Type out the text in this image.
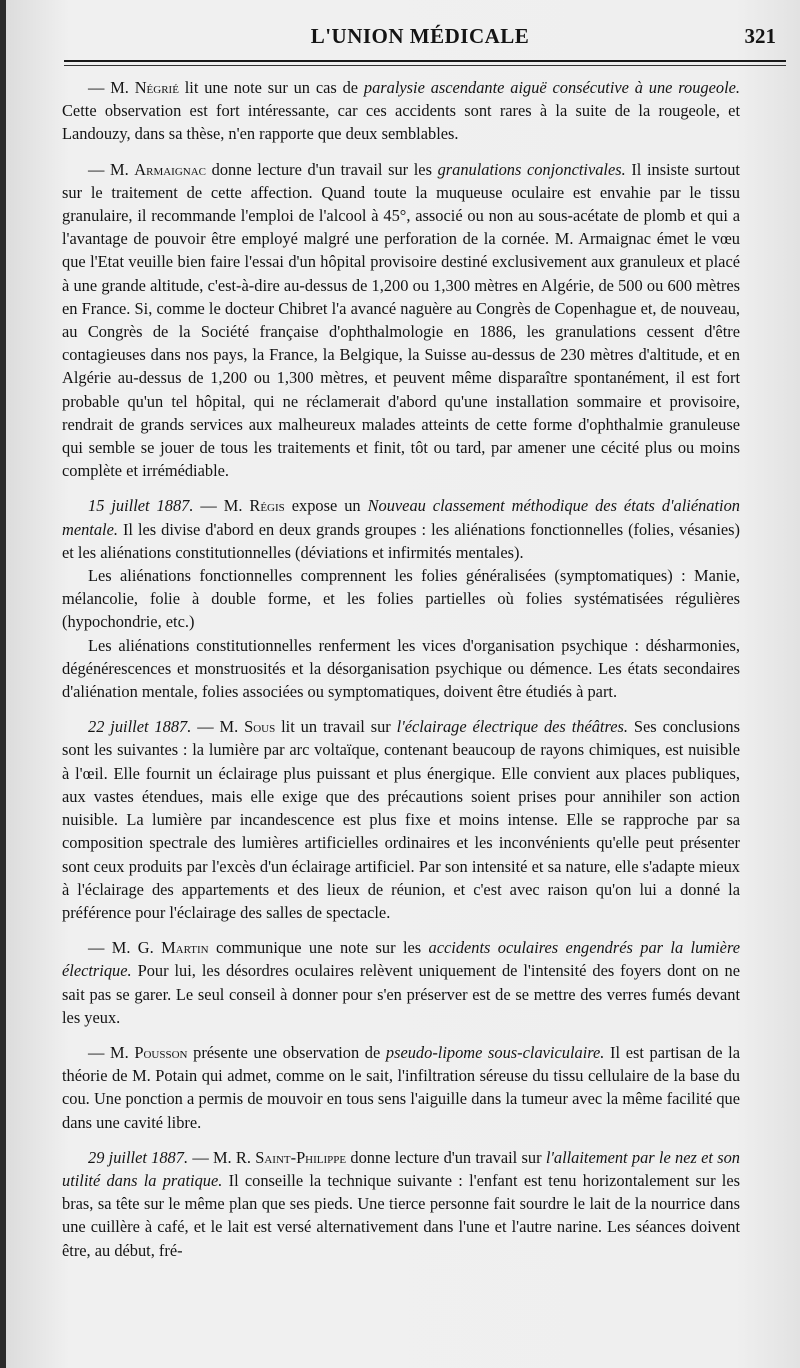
L'UNION MÉDICALE	321

— M. Négrié lit une note sur un cas de paralysie ascendante aiguë consécutive à une rougeole. Cette observation est fort intéressante, car ces accidents sont rares à la suite de la rougeole, et Landouzy, dans sa thèse, n'en rapporte que deux semblables.

— M. Armaignac donne lecture d'un travail sur les granulations conjonctivales. Il insiste surtout sur le traitement de cette affection. Quand toute la muqueuse oculaire est envahie par le tissu granulaire, il recommande l'emploi de l'alcool à 45°, associé ou non au sous-acétate de plomb et qui a l'avantage de pouvoir être employé malgré une perforation de la cornée. M. Armaignac émet le vœu que l'Etat veuille bien faire l'essai d'un hôpital provisoire destiné exclusivement aux granuleux et placé à une grande altitude, c'est-à-dire au-dessus de 1,200 ou 1,300 mètres en Algérie, de 500 ou 600 mètres en France. Si, comme le docteur Chibret l'a avancé naguère au Congrès de Copenhague et, de nouveau, au Congrès de la Société française d'ophthalmologie en 1886, les granulations cessent d'être contagieuses dans nos pays, la France, la Belgique, la Suisse au-dessus de 230 mètres d'altitude, et en Algérie au-dessus de 1,200 ou 1,300 mètres, et peuvent même disparaître spontanément, il est fort probable qu'un tel hôpital, qui ne réclamerait d'abord qu'une installation sommaire et provisoire, rendrait de grands services aux malheureux malades atteints de cette forme d'ophthalmie granuleuse qui semble se jouer de tous les traitements et finit, tôt ou tard, par amener une cécité plus ou moins complète et irrémédiable.

15 juillet 1887. — M. Régis expose un Nouveau classement méthodique des états d'aliénation mentale. Il les divise d'abord en deux grands groupes : les aliénations fonctionnelles (folies, vésanies) et les aliénations constitutionnelles (déviations et infirmités mentales).

Les aliénations fonctionnelles comprennent les folies généralisées (symptomatiques) : Manie, mélancolie, folie à double forme, et les folies partielles où folies systématisées régulières (hypochondrie, etc.)

Les aliénations constitutionnelles renferment les vices d'organisation psychique : désharmonies, dégénérescences et monstruosités et la désorganisation psychique ou démence. Les états secondaires d'aliénation mentale, folies associées ou symptomatiques, doivent être étudiés à part.

22 juillet 1887. — M. Sous lit un travail sur l'éclairage électrique des théâtres. Ses conclusions sont les suivantes : la lumière par arc voltaïque, contenant beaucoup de rayons chimiques, est nuisible à l'œil. Elle fournit un éclairage plus puissant et plus énergique. Elle convient aux places publiques, aux vastes étendues, mais elle exige que des précautions soient prises pour annihiler son action nuisible. La lumière par incandescence est plus fixe et moins intense. Elle se rapproche par sa composition spectrale des lumières artificielles ordinaires et les inconvénients qu'elle peut présenter sont ceux produits par l'excès d'un éclairage artificiel. Par son intensité et sa nature, elle s'adapte mieux à l'éclairage des appartements et des lieux de réunion, et c'est avec raison qu'on lui a donné la préférence pour l'éclairage des salles de spectacle.

— M. G. Martin communique une note sur les accidents oculaires engendrés par la lumière électrique. Pour lui, les désordres oculaires relèvent uniquement de l'intensité des foyers dont on ne sait pas se garer. Le seul conseil à donner pour s'en préserver est de se mettre des verres fumés devant les yeux.

— M. Pousson présente une observation de pseudo-lipome sous-claviculaire. Il est partisan de la théorie de M. Potain qui admet, comme on le sait, l'infiltration séreuse du tissu cellulaire de la base du cou. Une ponction a permis de mouvoir en tous sens l'aiguille dans la tumeur avec la même facilité que dans une cavité libre.

29 juillet 1887. — M. R. Saint-Philippe donne lecture d'un travail sur l'allaitement par le nez et son utilité dans la pratique. Il conseille la technique suivante : l'enfant est tenu horizontalement sur les bras, sa tête sur le même plan que ses pieds. Une tierce personne fait sourdre le lait de la nourrice dans une cuillère à café, et le lait est versé alternativement dans l'une et l'autre narine. Les séances doivent être, au début, fré-
